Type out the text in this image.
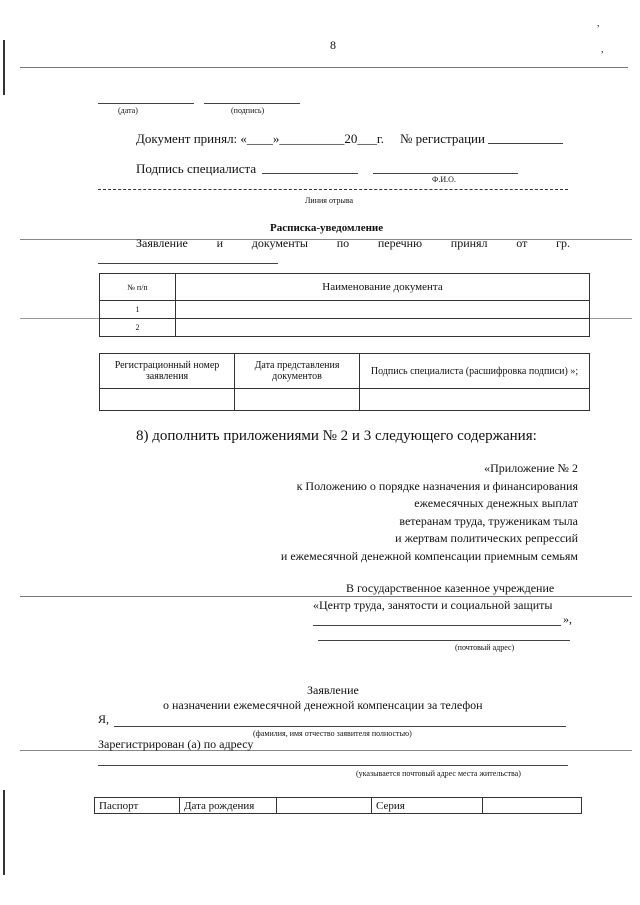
8
,
,
(дата)	(подпись)
Документ принял: «____»__________20___г. № регистрации
Подпись специалиста
Ф.И.О.
Линия отрыва
Расписка-уведомление
Заявление и документы по перечню принял от гр.
№ п/п	Наименование документа
1	
2	
Регистрационный номер заявления	Дата представления документов	Подпись специалиста (расшифровка подписи) »;

8) дополнить приложениями № 2 и 3 следующего содержания:
«Приложение № 2
к Положению о порядке назначения и финансирования
ежемесячных денежных выплат
ветеранам труда, труженикам тыла
и жертвам политических репрессий
и ежемесячной денежной компенсации приемным семьям
В государственное казенное учреждение
«Центр труда, занятости и социальной защиты
»,
(почтовый адрес)
Заявление
о назначении ежемесячной денежной компенсации за телефон
Я,
(фамилия, имя отчество заявителя полностью)
Зарегистрирован (а) по адресу
(указывается почтовый адрес места жительства)
Паспорт	Дата рождения		Серия	
